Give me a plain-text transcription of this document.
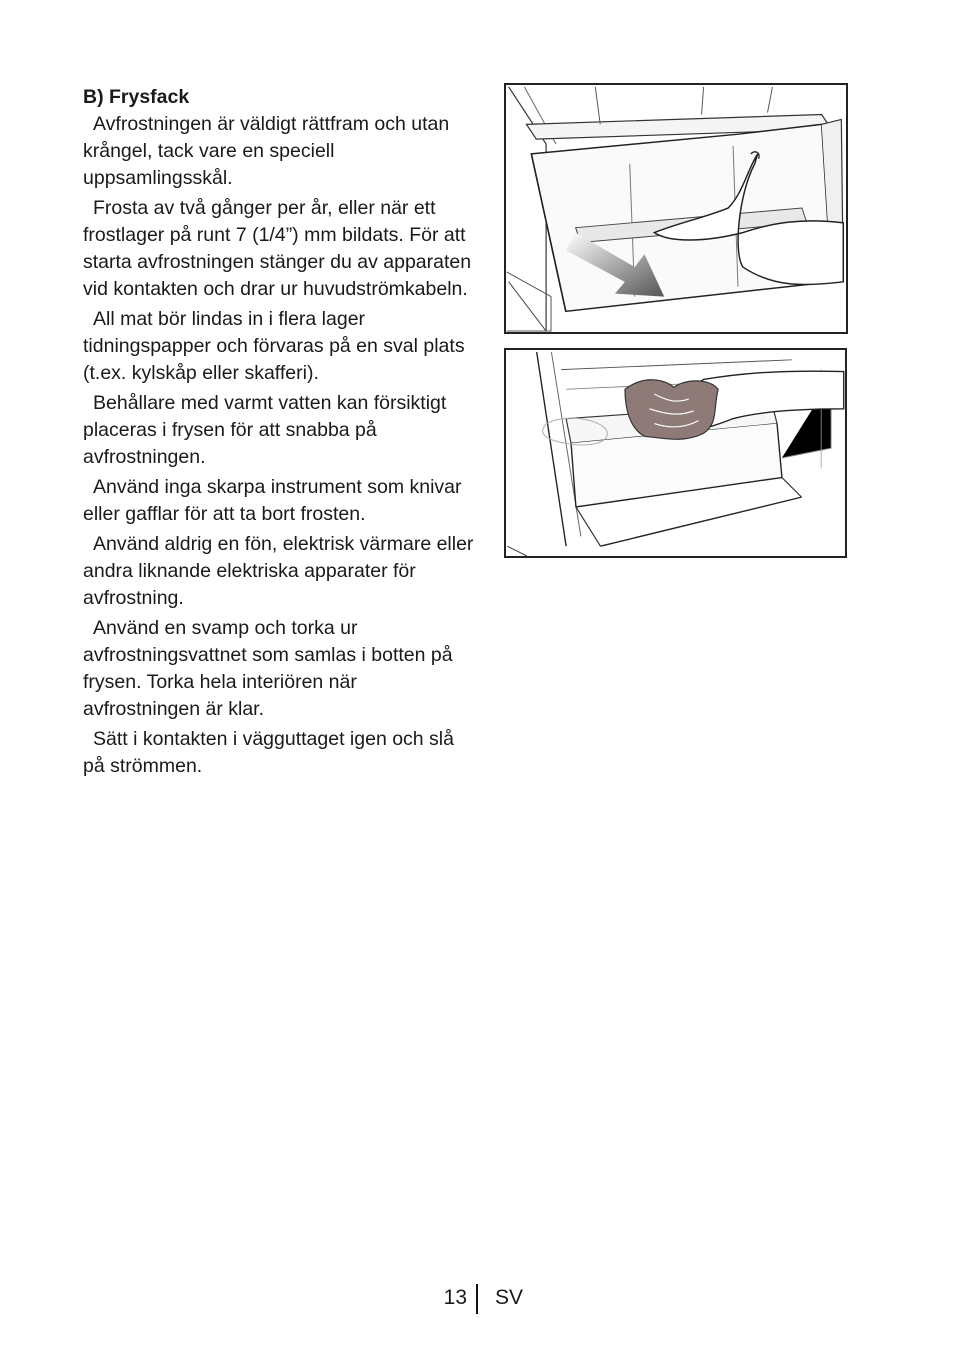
B) Frysfack

Avfrostningen är väldigt rättfram och utan krångel, tack vare en speciell uppsamlingsskål.

Frosta av två gånger per år, eller när ett frostlager på runt 7 (1/4”) mm bildats. För att starta avfrostningen stänger du av apparaten vid kontakten och drar ur huvudströmkabeln.

All mat bör lindas in i flera lager tidningspapper och förvaras på en sval plats (t.ex. kylskåp eller skafferi).

Behållare med varmt vatten kan försiktigt placeras i frysen för att snabba på avfrostningen.

Använd inga skarpa instrument som knivar eller gafflar för att ta bort frosten.

Använd aldrig en fön, elektrisk värmare eller andra liknande elektriska apparater för avfrostning.

Använd en svamp och torka ur avfrostningsvattnet som samlas i botten på frysen. Torka hela interiören när avfrostningen är klar.

Sätt i kontakten i vägguttaget igen och slå på strömmen.

13 SV
